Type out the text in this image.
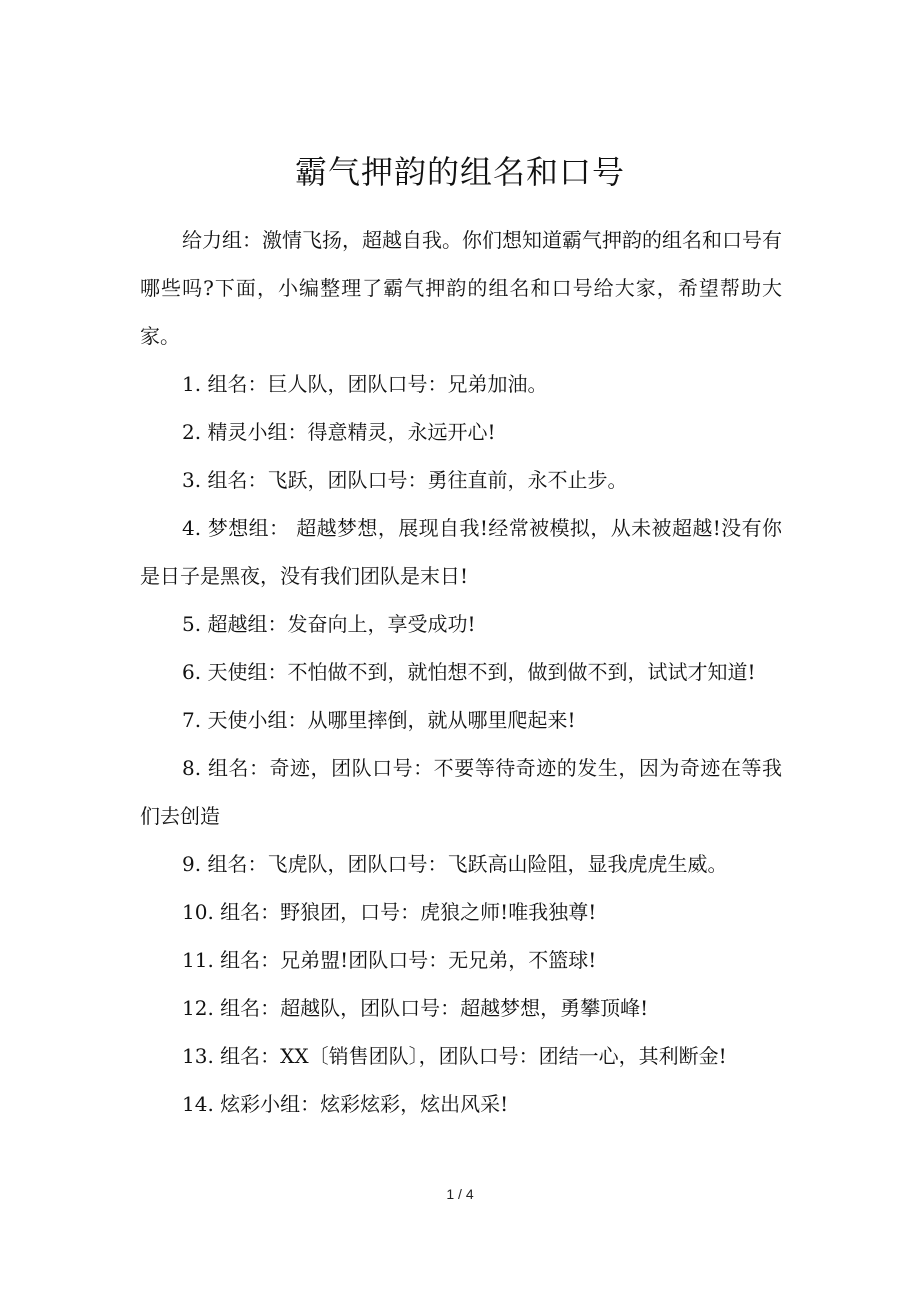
霸气押韵的组名和口号

给力组：激情飞扬，超越自我。你们想知道霸气押韵的组名和口号有哪些吗?下面，小编整理了霸气押韵的组名和口号给大家，希望帮助大家。

1. 组名：巨人队，团队口号：兄弟加油。

2. 精灵小组：得意精灵，永远开心!

3. 组名：飞跃，团队口号：勇往直前，永不止步。

4. 梦想组： 超越梦想，展现自我!经常被模拟，从未被超越!没有你是日子是黑夜，没有我们团队是末日!

5. 超越组：发奋向上，享受成功!

6. 天使组：不怕做不到，就怕想不到，做到做不到，试试才知道!

7. 天使小组：从哪里摔倒，就从哪里爬起来!

8. 组名：奇迹，团队口号：不要等待奇迹的发生，因为奇迹在等我们去创造

9. 组名：飞虎队，团队口号：飞跃高山险阻，显我虎虎生威。

10. 组名：野狼团，口号：虎狼之师!唯我独尊!

11. 组名：兄弟盟!团队口号：无兄弟，不篮球!

12. 组名：超越队，团队口号：超越梦想，勇攀顶峰!

13. 组名：XX〔销售团队〕，团队口号：团结一心，其利断金!

14. 炫彩小组：炫彩炫彩，炫出风采!

1 / 4
